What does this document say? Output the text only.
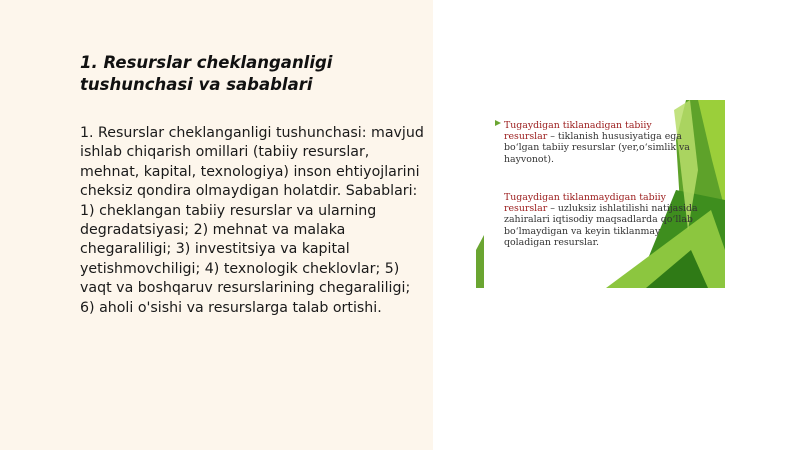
1. Resurslar cheklanganligi tushunchasi va sabablari

1. Resurslar cheklanganligi tushunchasi: mavjud ishlab chiqarish omillari (tabiiy resurslar, mehnat, kapital, texnologiya) inson ehtiyojlarini cheksiz qondira olmaydigan holatdir. Sabablari: 1) cheklangan tabiiy resurslar va ularning degradatsiyasi; 2) mehnat va malaka chegaraliligi; 3) investitsiya va kapital yetishmovchiligi; 4) texnologik cheklovlar; 5) vaqt va boshqaruv resurslarining chegaraliligi; 6) aholi o'sishi va resurslarga talab ortishi.

Tugaydigan tiklanadigan tabiiy resurslar – tiklanish hususiyatiga ega bo‘lgan tabiiy resurslar (yer,o‘simlik va hayvonot).
Tugaydigan tiklanmaydigan tabiiy resurslar – uzluksiz ishlatilishi natijasida zahiralari iqtisodiy maqsadlarda qo‘llab bo‘lmaydigan va keyin tiklanmay qoladigan resurslar.
